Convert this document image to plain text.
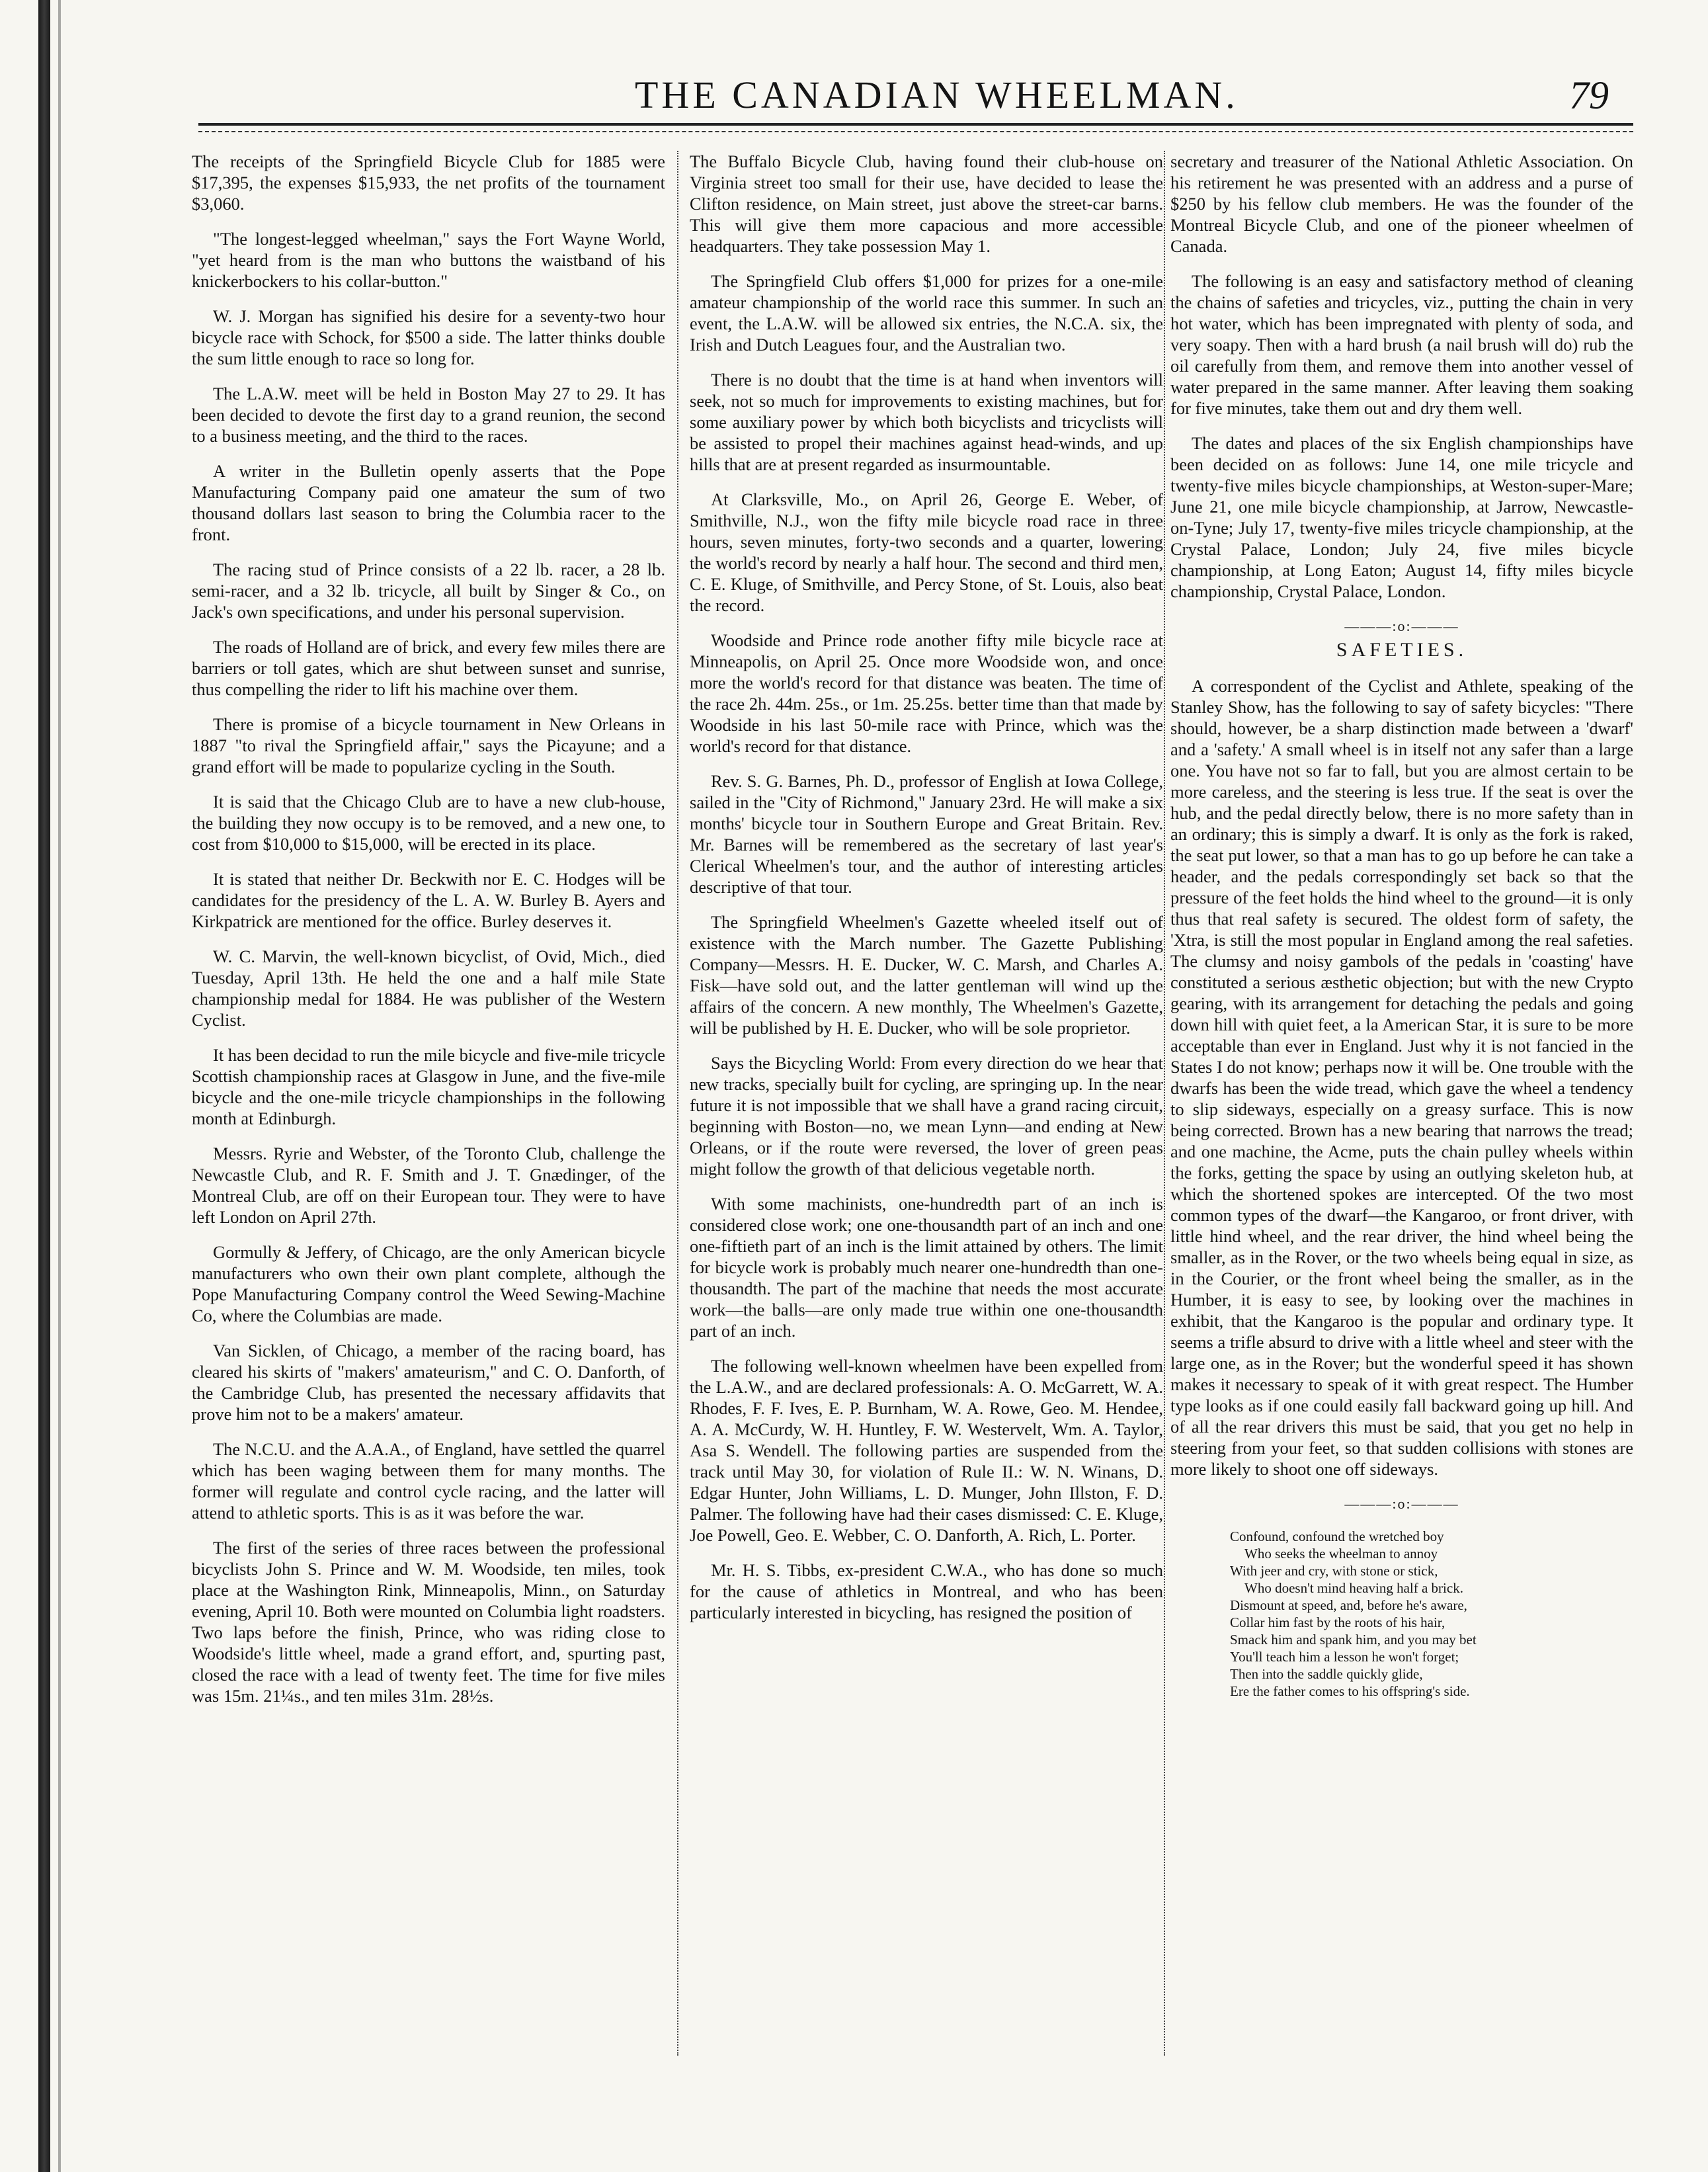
THE CANADIAN WHEELMAN.	79

The receipts of the Springfield Bicycle Club for 1885 were $17,395, the expenses $15,933, the net profits of the tournament $3,060.

"The longest-legged wheelman," says the Fort Wayne World, "yet heard from is the man who buttons the waistband of his knickerbockers to his collar-button."

W. J. Morgan has signified his desire for a seventy-two hour bicycle race with Schock, for $500 a side. The latter thinks double the sum little enough to race so long for.

The L.A.W. meet will be held in Boston May 27 to 29. It has been decided to devote the first day to a grand reunion, the second to a business meeting, and the third to the races.

A writer in the Bulletin openly asserts that the Pope Manufacturing Company paid one amateur the sum of two thousand dollars last season to bring the Columbia racer to the front.

The racing stud of Prince consists of a 22 lb. racer, a 28 lb. semi-racer, and a 32 lb. tricycle, all built by Singer & Co., on Jack's own specifications, and under his personal supervision.

The roads of Holland are of brick, and every few miles there are barriers or toll gates, which are shut between sunset and sunrise, thus compelling the rider to lift his machine over them.

There is promise of a bicycle tournament in New Orleans in 1887 "to rival the Springfield affair," says the Picayune; and a grand effort will be made to popularize cycling in the South.

It is said that the Chicago Club are to have a new club-house, the building they now occupy is to be removed, and a new one, to cost from $10,000 to $15,000, will be erected in its place.

It is stated that neither Dr. Beckwith nor E. C. Hodges will be candidates for the presidency of the L. A. W. Burley B. Ayers and Kirkpatrick are mentioned for the office. Burley deserves it.

W. C. Marvin, the well-known bicyclist, of Ovid, Mich., died Tuesday, April 13th. He held the one and a half mile State championship medal for 1884. He was publisher of the Western Cyclist.

It has been decidad to run the mile bicycle and five-mile tricycle Scottish championship races at Glasgow in June, and the five-mile bicycle and the one-mile tricycle championships in the following month at Edinburgh.

Messrs. Ryrie and Webster, of the Toronto Club, challenge the Newcastle Club, and R. F. Smith and J. T. Gnædinger, of the Montreal Club, are off on their European tour. They were to have left London on April 27th.

Gormully & Jeffery, of Chicago, are the only American bicycle manufacturers who own their own plant complete, although the Pope Manufacturing Company control the Weed Sewing-Machine Co, where the Columbias are made.

Van Sicklen, of Chicago, a member of the racing board, has cleared his skirts of "makers' amateurism," and C. O. Danforth, of the Cambridge Club, has presented the necessary affidavits that prove him not to be a makers' amateur.

The N.C.U. and the A.A.A., of England, have settled the quarrel which has been waging between them for many months. The former will regulate and control cycle racing, and the latter will attend to athletic sports. This is as it was before the war.

The first of the series of three races between the professional bicyclists John S. Prince and W. M. Woodside, ten miles, took place at the Washington Rink, Minneapolis, Minn., on Saturday evening, April 10. Both were mounted on Columbia light roadsters. Two laps before the finish, Prince, who was riding close to Woodside's little wheel, made a grand effort, and, spurting past, closed the race with a lead of twenty feet. The time for five miles was 15m. 21¼s., and ten miles 31m. 28½s.

The Buffalo Bicycle Club, having found their club-house on Virginia street too small for their use, have decided to lease the Clifton residence, on Main street, just above the street-car barns. This will give them more capacious and more accessible headquarters. They take possession May 1.

The Springfield Club offers $1,000 for prizes for a one-mile amateur championship of the world race this summer. In such an event, the L.A.W. will be allowed six entries, the N.C.A. six, the Irish and Dutch Leagues four, and the Australian two.

There is no doubt that the time is at hand when inventors will seek, not so much for improvements to existing machines, but for some auxiliary power by which both bicyclists and tricyclists will be assisted to propel their machines against head-winds, and up hills that are at present regarded as insurmountable.

At Clarksville, Mo., on April 26, George E. Weber, of Smithville, N.J., won the fifty mile bicycle road race in three hours, seven minutes, forty-two seconds and a quarter, lowering the world's record by nearly a half hour. The second and third men, C. E. Kluge, of Smithville, and Percy Stone, of St. Louis, also beat the record.

Woodside and Prince rode another fifty mile bicycle race at Minneapolis, on April 25. Once more Woodside won, and once more the world's record for that distance was beaten. The time of the race 2h. 44m. 25s., or 1m. 25.25s. better time than that made by Woodside in his last 50-mile race with Prince, which was the world's record for that distance.

Rev. S. G. Barnes, Ph. D., professor of English at Iowa College, sailed in the "City of Richmond," January 23rd. He will make a six months' bicycle tour in Southern Europe and Great Britain. Rev. Mr. Barnes will be remembered as the secretary of last year's Clerical Wheelmen's tour, and the author of interesting articles descriptive of that tour.

The Springfield Wheelmen's Gazette wheeled itself out of existence with the March number. The Gazette Publishing Company—Messrs. H. E. Ducker, W. C. Marsh, and Charles A. Fisk—have sold out, and the latter gentleman will wind up the affairs of the concern. A new monthly, The Wheelmen's Gazette, will be published by H. E. Ducker, who will be sole proprietor.

Says the Bicycling World: From every direction do we hear that new tracks, specially built for cycling, are springing up. In the near future it is not impossible that we shall have a grand racing circuit, beginning with Boston—no, we mean Lynn—and ending at New Orleans, or if the route were reversed, the lover of green peas might follow the growth of that delicious vegetable north.

With some machinists, one-hundredth part of an inch is considered close work; one one-thousandth part of an inch and one one-fiftieth part of an inch is the limit attained by others. The limit for bicycle work is probably much nearer one-hundredth than one-thousandth. The part of the machine that needs the most accurate work—the balls—are only made true within one one-thousandth part of an inch.

The following well-known wheelmen have been expelled from the L.A.W., and are declared professionals: A. O. McGarrett, W. A. Rhodes, F. F. Ives, E. P. Burnham, W. A. Rowe, Geo. M. Hendee, A. A. McCurdy, W. H. Huntley, F. W. Westervelt, Wm. A. Taylor, Asa S. Wendell. The following parties are suspended from the track until May 30, for violation of Rule II.: W. N. Winans, D. Edgar Hunter, John Williams, L. D. Munger, John Illston, F. D. Palmer. The following have had their cases dismissed: C. E. Kluge, Joe Powell, Geo. E. Webber, C. O. Danforth, A. Rich, L. Porter.

Mr. H. S. Tibbs, ex-president C.W.A., who has done so much for the cause of athletics in Montreal, and who has been particularly interested in bicycling, has resigned the position of

secretary and treasurer of the National Athletic Association. On his retirement he was presented with an address and a purse of $250 by his fellow club members. He was the founder of the Montreal Bicycle Club, and one of the pioneer wheelmen of Canada.

The following is an easy and satisfactory method of cleaning the chains of safeties and tricycles, viz., putting the chain in very hot water, which has been impregnated with plenty of soda, and very soapy. Then with a hard brush (a nail brush will do) rub the oil carefully from them, and remove them into another vessel of water prepared in the same manner. After leaving them soaking for five minutes, take them out and dry them well.

The dates and places of the six English championships have been decided on as follows: June 14, one mile tricycle and twenty-five miles bicycle championships, at Weston-super-Mare; June 21, one mile bicycle championship, at Jarrow, Newcastle-on-Tyne; July 17, twenty-five miles tricycle championship, at the Crystal Palace, London; July 24, five miles bicycle championship, at Long Eaton; August 14, fifty miles bicycle championship, Crystal Palace, London.

———:o:———
SAFETIES.

A correspondent of the Cyclist and Athlete, speaking of the Stanley Show, has the following to say of safety bicycles: "There should, however, be a sharp distinction made between a 'dwarf' and a 'safety.' A small wheel is in itself not any safer than a large one. You have not so far to fall, but you are almost certain to be more careless, and the steering is less true. If the seat is over the hub, and the pedal directly below, there is no more safety than in an ordinary; this is simply a dwarf. It is only as the fork is raked, the seat put lower, so that a man has to go up before he can take a header, and the pedals correspondingly set back so that the pressure of the feet holds the hind wheel to the ground—it is only thus that real safety is secured. The oldest form of safety, the 'Xtra, is still the most popular in England among the real safeties. The clumsy and noisy gambols of the pedals in 'coasting' have constituted a serious æsthetic objection; but with the new Crypto gearing, with its arrangement for detaching the pedals and going down hill with quiet feet, a la American Star, it is sure to be more acceptable than ever in England. Just why it is not fancied in the States I do not know; perhaps now it will be. One trouble with the dwarfs has been the wide tread, which gave the wheel a tendency to slip sideways, especially on a greasy surface. This is now being corrected. Brown has a new bearing that narrows the tread; and one machine, the Acme, puts the chain pulley wheels within the forks, getting the space by using an outlying skeleton hub, at which the shortened spokes are intercepted. Of the two most common types of the dwarf—the Kangaroo, or front driver, with little hind wheel, and the rear driver, the hind wheel being the smaller, as in the Rover, or the two wheels being equal in size, as in the Courier, or the front wheel being the smaller, as in the Humber, it is easy to see, by looking over the machines in exhibit, that the Kangaroo is the popular and ordinary type. It seems a trifle absurd to drive with a little wheel and steer with the large one, as in the Rover; but the wonderful speed it has shown makes it necessary to speak of it with great respect. The Humber type looks as if one could easily fall backward going up hill. And of all the rear drivers this must be said, that you get no help in steering from your feet, so that sudden collisions with stones are more likely to shoot one off sideways.

———:o:———
Confound, confound the wretched boy
Who seeks the wheelman to annoy
With jeer and cry, with stone or stick,
Who doesn't mind heaving half a brick.
Dismount at speed, and, before he's aware,
Collar him fast by the roots of his hair,
Smack him and spank him, and you may bet
You'll teach him a lesson he won't forget;
Then into the saddle quickly glide,
Ere the father comes to his offspring's side.
